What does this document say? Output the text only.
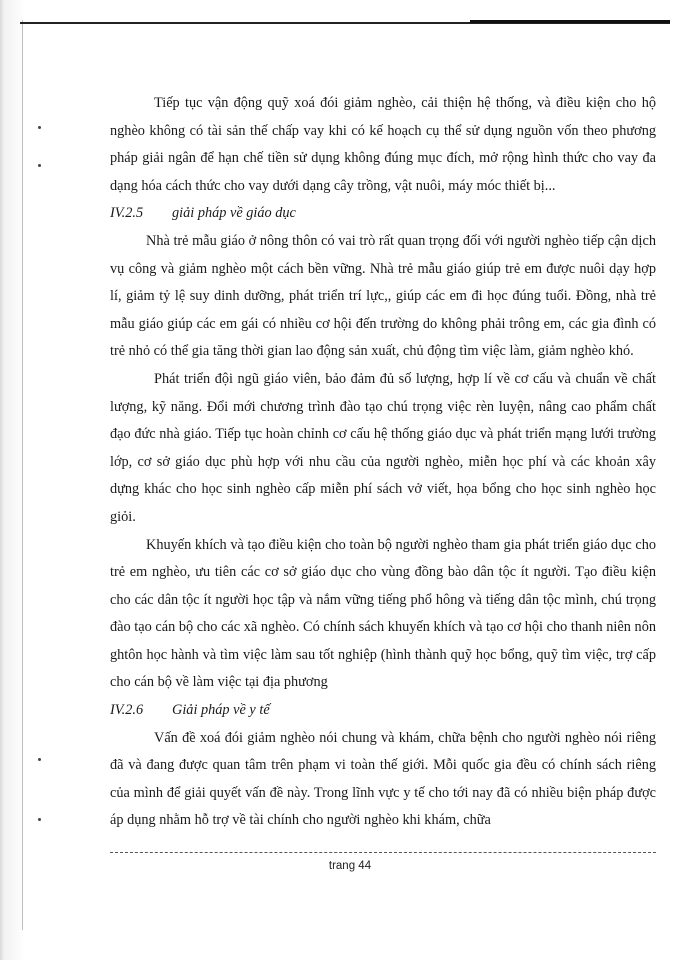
Tiếp tục vận động quỹ xoá đói giảm nghèo, cải thiện hệ thống, và điều kiện cho hộ nghèo không có tài sản thế chấp vay khi có kế hoạch cụ thể sử dụng nguồn vốn theo phương pháp giải ngân để hạn chế tiền sử dụng không đúng mục đích, mở rộng hình thức cho vay đa dạng hóa cách thức cho vay dưới dạng cây trồng, vật nuôi, máy móc thiết bị...

IV.2.5 giải pháp về giáo dục

Nhà trẻ mẫu giáo ở nông thôn có vai trò rất quan trọng đối với người nghèo tiếp cận dịch vụ công và giảm nghèo một cách bền vững. Nhà trẻ mẫu giáo giúp trẻ em được nuôi dạy hợp lí, giảm tỷ lệ suy dinh dưỡng, phát triển trí lực,, giúp các em đi học đúng tuổi. Đồng, nhà trẻ mẫu giáo giúp các em gái có nhiều cơ hội đến trường do không phải trông em, các gia đình có trẻ nhỏ có thể gia tăng thời gian lao động sản xuất, chủ động tìm việc làm, giảm nghèo khó.

Phát triển đội ngũ giáo viên, bảo đảm đủ số lượng, hợp lí về cơ cấu và chuẩn về chất lượng, kỹ năng. Đổi mới chương trình đào tạo chú trọng việc rèn luyện, nâng cao phẩm chất đạo đức nhà giáo. Tiếp tục hoàn chỉnh cơ cấu hệ thống giáo dục và phát triển mạng lưới trường lớp, cơ sở giáo dục phù hợp với nhu cầu của người nghèo, miễn học phí và các khoản xây dựng khác cho học sinh nghèo cấp miễn phí sách vở viết, họa bổng cho học sinh nghèo học giỏi.

Khuyến khích và tạo điều kiện cho toàn bộ người nghèo tham gia phát triển giáo dục cho trẻ em nghèo, ưu tiên các cơ sở giáo dục cho vùng đồng bào dân tộc ít người. Tạo điều kiện cho các dân tộc ít người học tập và nắm vững tiếng phổ hông và tiếng dân tộc mình, chú trọng đào tạo cán bộ cho các xã nghèo. Có chính sách khuyến khích và tạo cơ hội cho thanh niên nôn ghtôn học hành và tìm việc làm sau tốt nghiệp (hình thành quỹ học bổng, quỹ tìm việc, trợ cấp cho cán bộ về làm việc tại địa phương

IV.2.6 Giải pháp về y tế

Vấn đề xoá đói giảm nghèo nói chung và khám, chữa bệnh cho người nghèo nói riêng đã và đang được quan tâm trên phạm vi toàn thế giới. Mỗi quốc gia đều có chính sách riêng của mình để giải quyết vấn đề này. Trong lĩnh vực y tế cho tới nay đã có nhiều biện pháp được áp dụng nhằm hỗ trợ về tài chính cho người nghèo khi khám, chữa

trang 44
